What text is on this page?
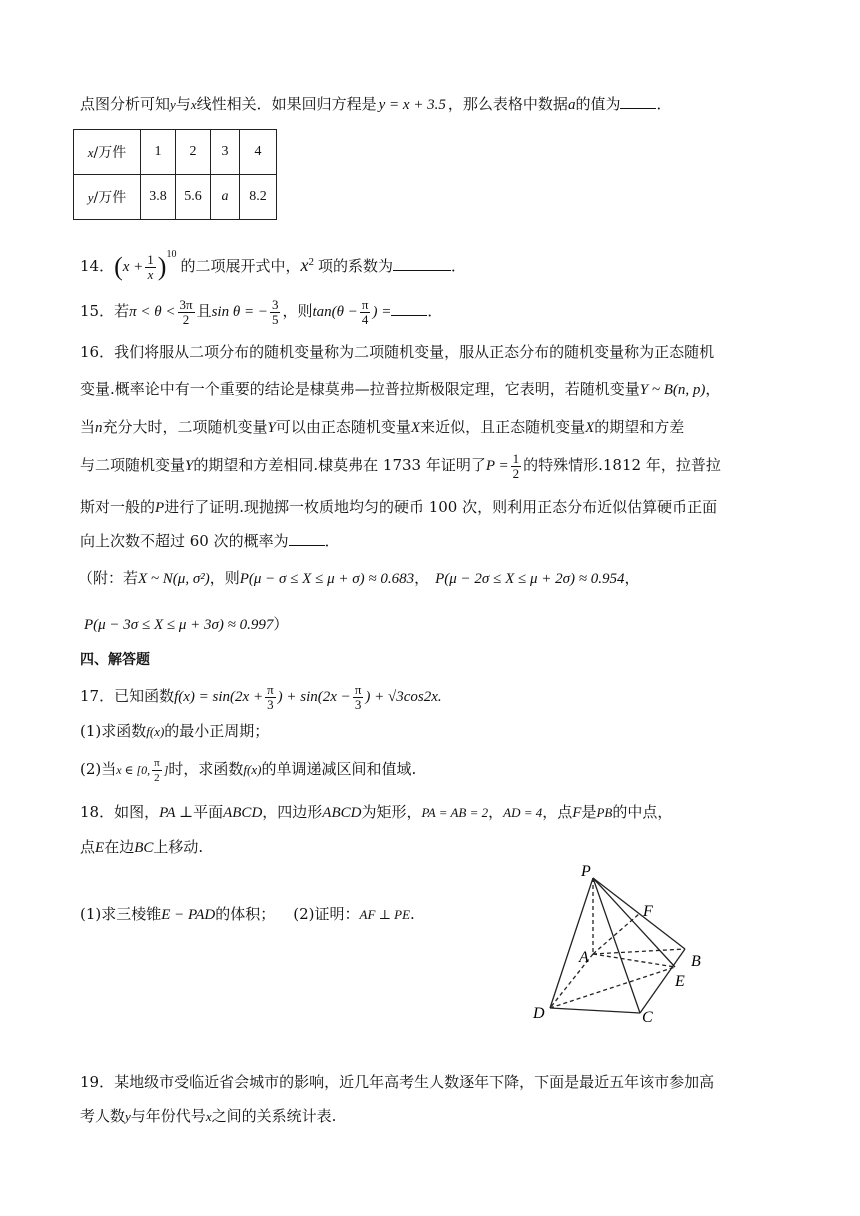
点图分析可知y与x线性相关．如果回归方程是 y = x + 3.5 ，那么表格中数据a的值为 ．
x/万件	1	2	3	4
y/万件	3.8	5.6	a	8.2
14．$(x + \frac{1}{x} )^{10}$的二项展开式中，$x^2$ 项的系数为	．
15．若$\pi < \theta < \frac{3\pi}{2}$ 且sin θ = − $\frac{3}{5}$ ，则$\tan(\theta - \frac{\pi}{4}$ ) = ．
16．我们将服从二项分布的随机变量称为二项随机变量，服从正态分布的随机变量称为正态随机
变量.概率论中有一个重要的结论是棣莫弗—拉普拉斯极限定理，它表明，若随机变量Y ~ B(n, p)，
当n充分大时，二项随机变量Y可以由正态随机变量X来近似，且正态随机变量X的期望和方差
与二项随机变量Y的期望和方差相同.棣莫弗在 1733 年证明了$P = \frac{1}{2}$ 的特殊情形.1812 年，拉普拉
斯对一般的P进行了证明.现抛掷一枚质地均匀的硬币 100 次，则利用正态分布近似估算硬币正面
向上次数不超过 60 次的概率为 ．
（附：若X ~ N(μ, σ²)，则P(μ − σ ≤ X ≤ μ + σ) ≈ 0.683， P(μ − 2σ ≤ X ≤ μ + 2σ) ≈ 0.954，
P(μ − 3σ ≤ X ≤ μ + 3σ) ≈ 0.997）
四、解答题
17．已知函数$f(x) = \sin(2x + \frac{\pi}{3}$ ) + $\sin(2x - \frac{\pi}{3}$ ) + √3cos2x.
(1)求函数f(x)的最小正周期；
(2)当x ∈ [0, $\frac{\pi}{2}$ ]时，求函数f(x)的单调递减区间和值域.
18．如图，PA ⊥平面ABCD，四边形ABCD为矩形，PA = AB = 2，AD = 4，点F是PB的中点，
点E在边BC上移动.
(1)求三棱锥E − PAD的体积； (2)证明：AF ⊥ PE.
P
F
A	B
E
D	C
19．某地级市受临近省会城市的影响，近几年高考生人数逐年下降，下面是最近五年该市参加高
考人数y与年份代号x之间的关系统计表.
